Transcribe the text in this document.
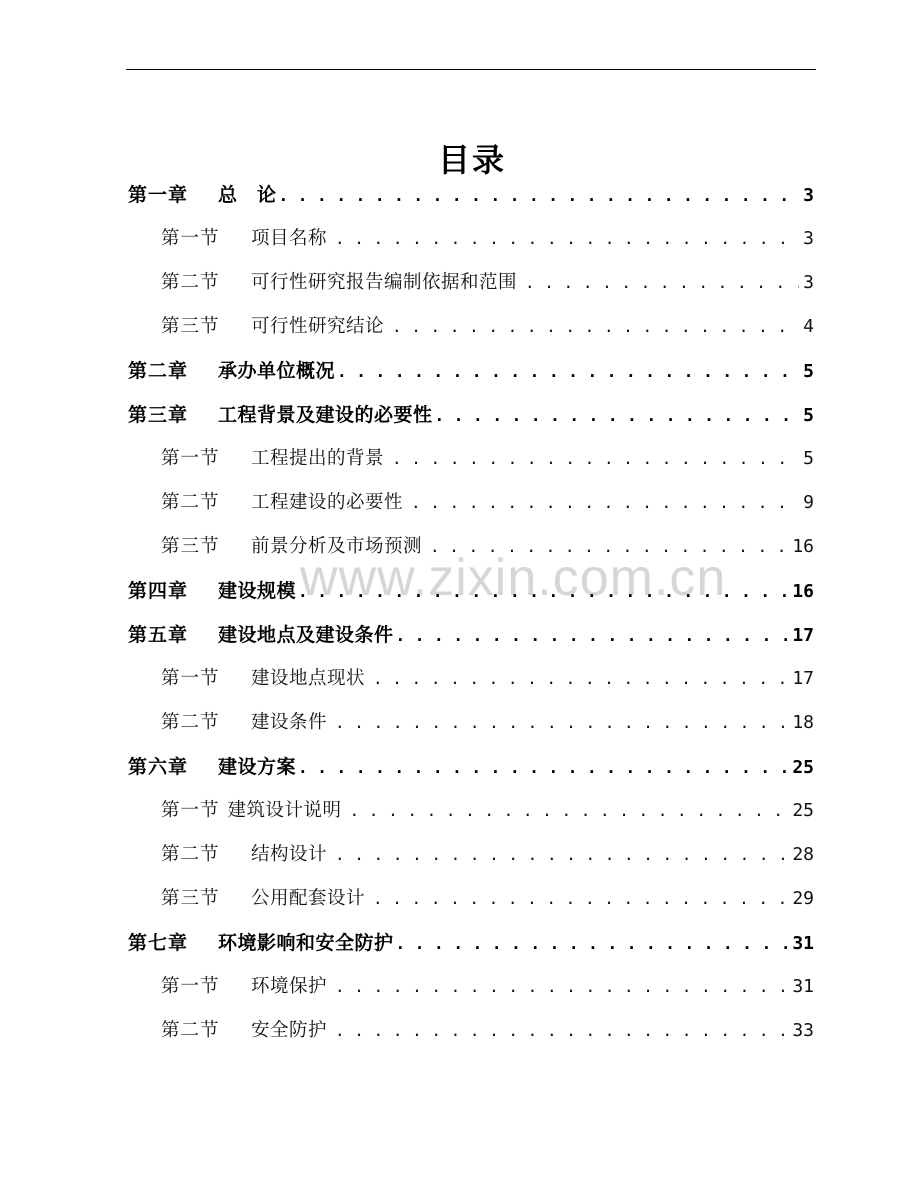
目录
www.zixin.com.cn
第一章	总　论 . . .	3
第一节	项目名称 . . .	3
第二节	可行性研究报告编制依据和范围 . . .	3
第三节	可行性研究结论 . . .	4
第二章	承办单位概况 . . .	5
第三章	工程背景及建设的必要性 . . .	5
第一节	工程提出的背景 . . .	5
第二节	工程建设的必要性 . . .	9
第三节	前景分析及市场预测 . . .	16
第四章	建设规模 . . .	16
第五章	建设地点及建设条件 . . .	17
第一节	建设地点现状 . . .	17
第二节	建设条件 . . .	18
第六章	建设方案 . . .	25
第一节 建筑设计说明 . . .	25
第二节	结构设计 . . .	28
第三节	公用配套设计 . . .	29
第七章	环境影响和安全防护 . . .	31
第一节	环境保护 . . .	31
第二节	安全防护 . . .	33
